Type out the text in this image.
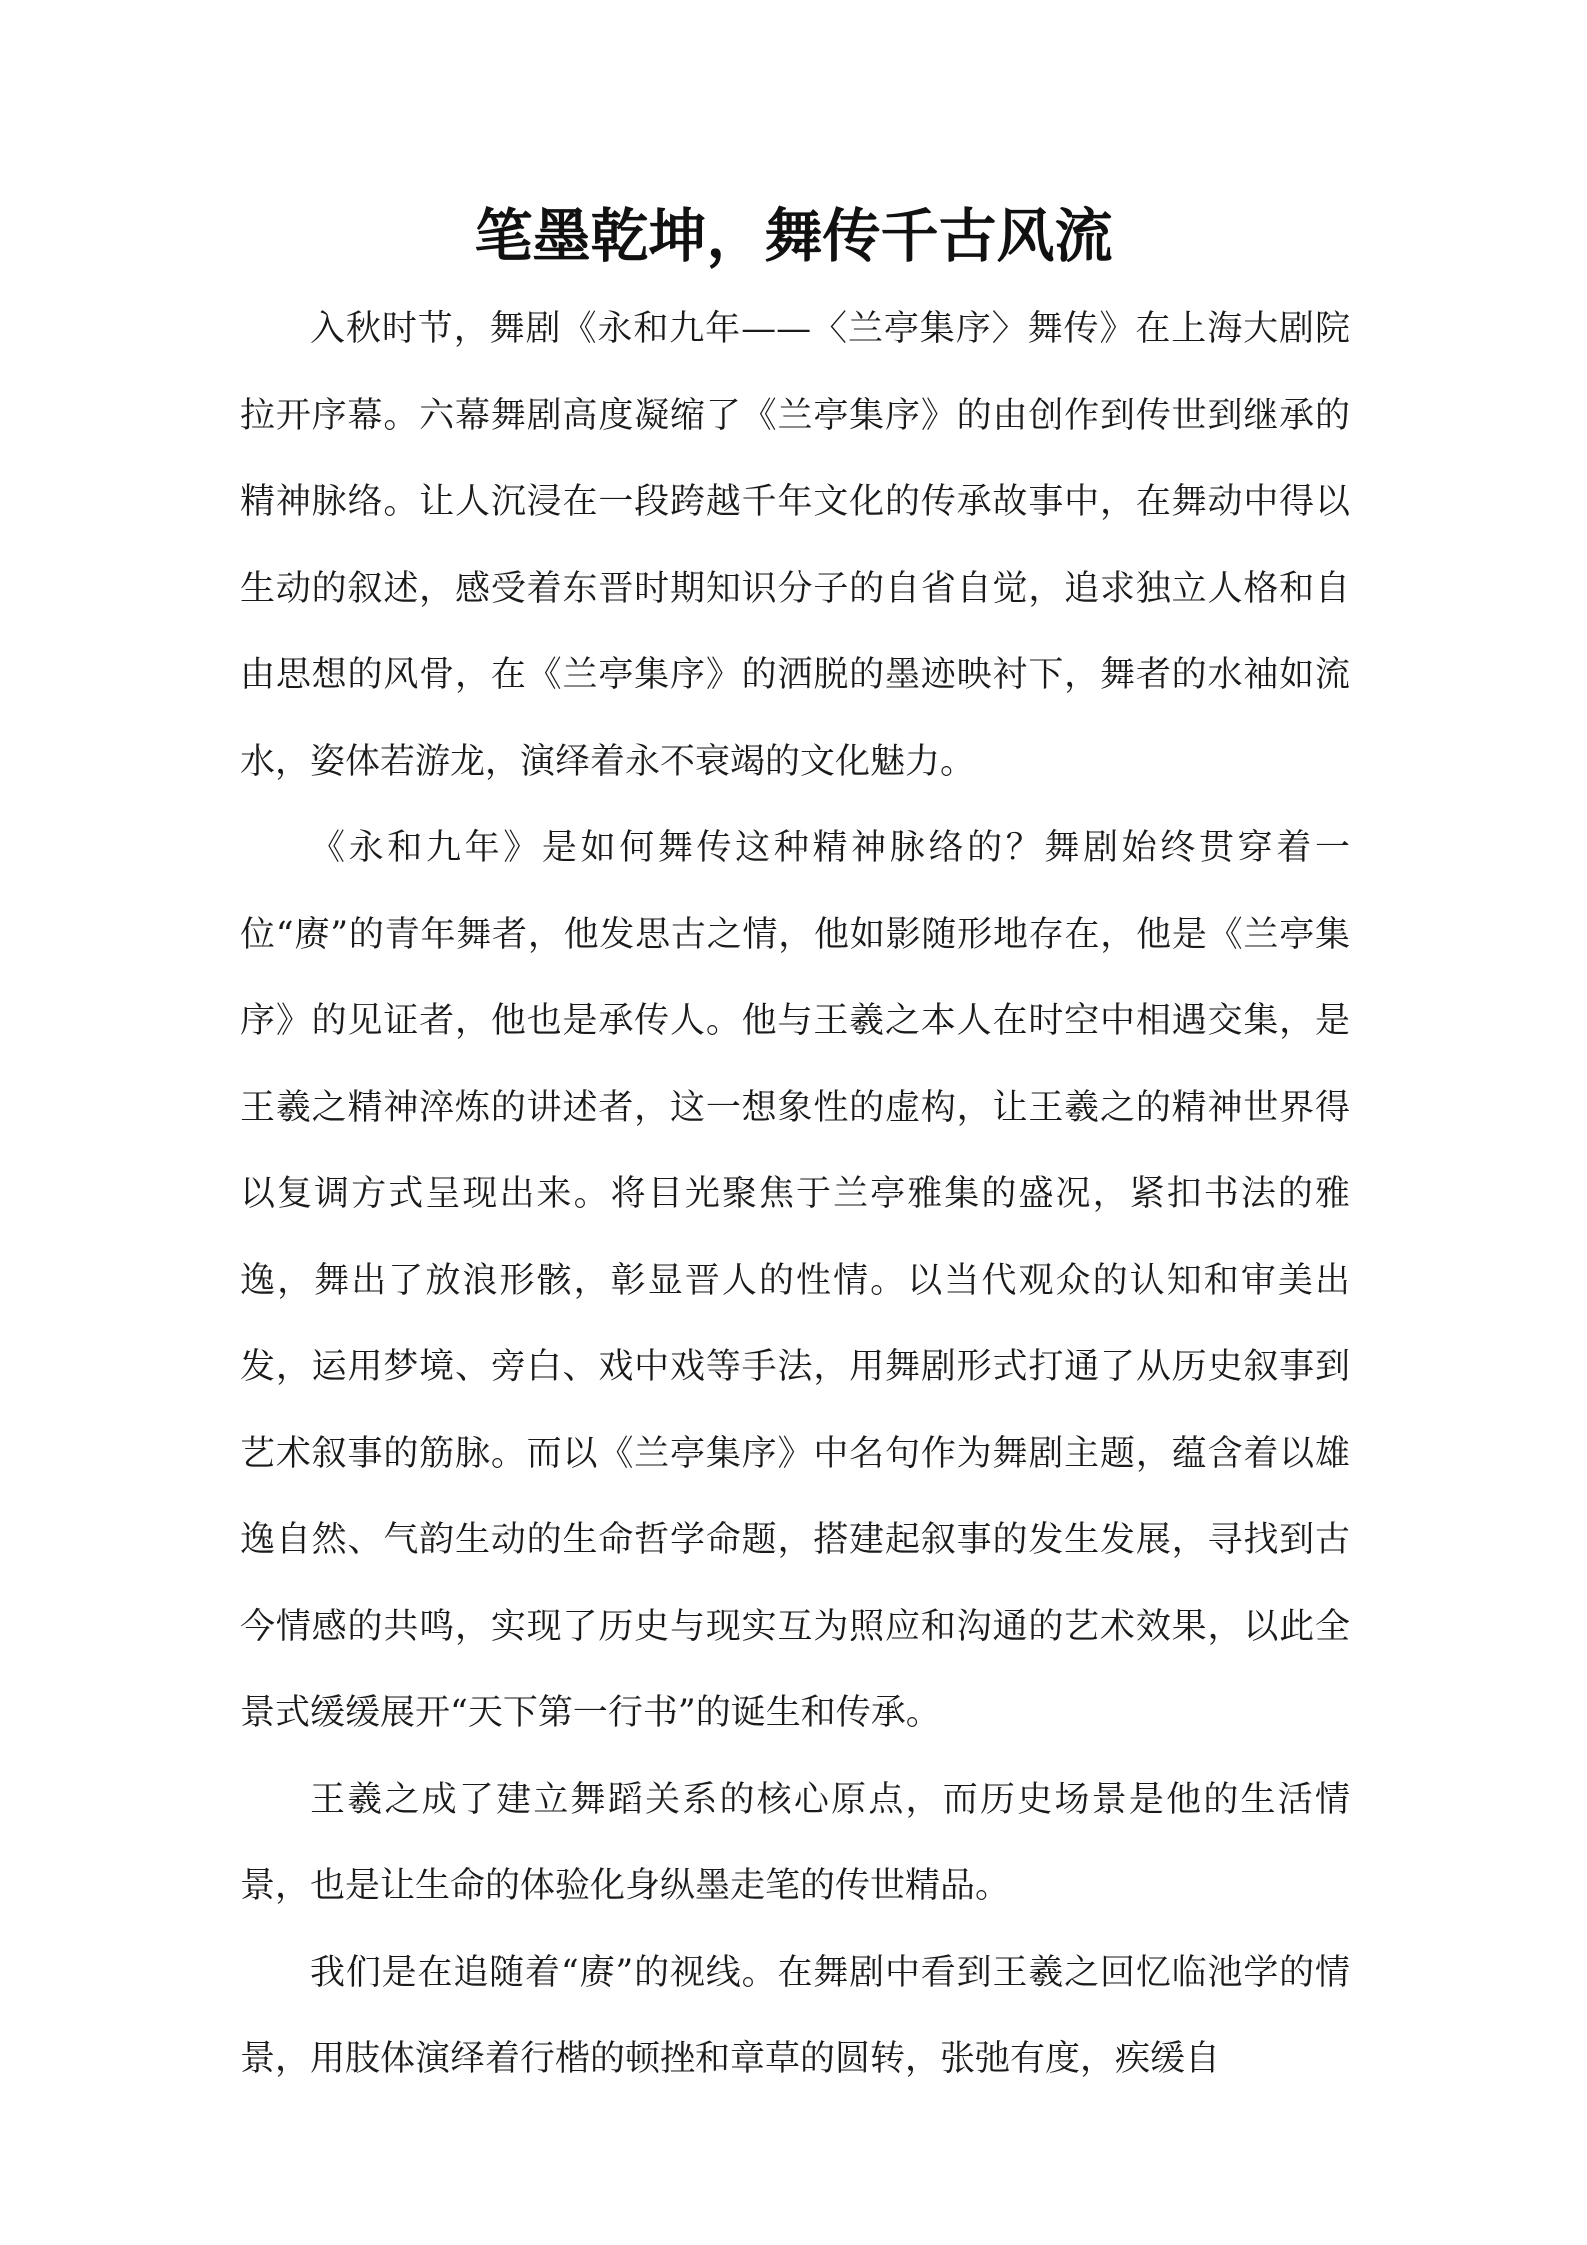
笔墨乾坤，舞传千古风流

入秋时节，舞剧《永和九年——〈兰亭集序〉舞传》在上海大剧院拉开序幕。六幕舞剧高度凝缩了《兰亭集序》的由创作到传世到继承的精神脉络。让人沉浸在一段跨越千年文化的传承故事中，在舞动中得以生动的叙述，感受着东晋时期知识分子的自省自觉，追求独立人格和自由思想的风骨，在《兰亭集序》的洒脱的墨迹映衬下，舞者的水袖如流水，姿体若游龙，演绎着永不衰竭的文化魅力。

《永和九年》是如何舞传这种精神脉络的？舞剧始终贯穿着一位“赓”的青年舞者，他发思古之情，他如影随形地存在，他是《兰亭集序》的见证者，他也是承传人。他与王羲之本人在时空中相遇交集，是王羲之精神淬炼的讲述者，这一想象性的虚构，让王羲之的精神世界得以复调方式呈现出来。将目光聚焦于兰亭雅集的盛况，紧扣书法的雅逸，舞出了放浪形骸，彰显晋人的性情。以当代观众的认知和审美出发，运用梦境、旁白、戏中戏等手法，用舞剧形式打通了从历史叙事到艺术叙事的筋脉。而以《兰亭集序》中名句作为舞剧主题，蕴含着以雄逸自然、气韵生动的生命哲学命题，搭建起叙事的发生发展，寻找到古今情感的共鸣，实现了历史与现实互为照应和沟通的艺术效果，以此全景式缓缓展开“天下第一行书”的诞生和传承。

王羲之成了建立舞蹈关系的核心原点，而历史场景是他的生活情景，也是让生命的体验化身纵墨走笔的传世精品。

我们是在追随着“赓”的视线。在舞剧中看到王羲之回忆临池学的情景，用肢体演绎着行楷的顿挫和章草的圆转，张弛有度，疾缓自
